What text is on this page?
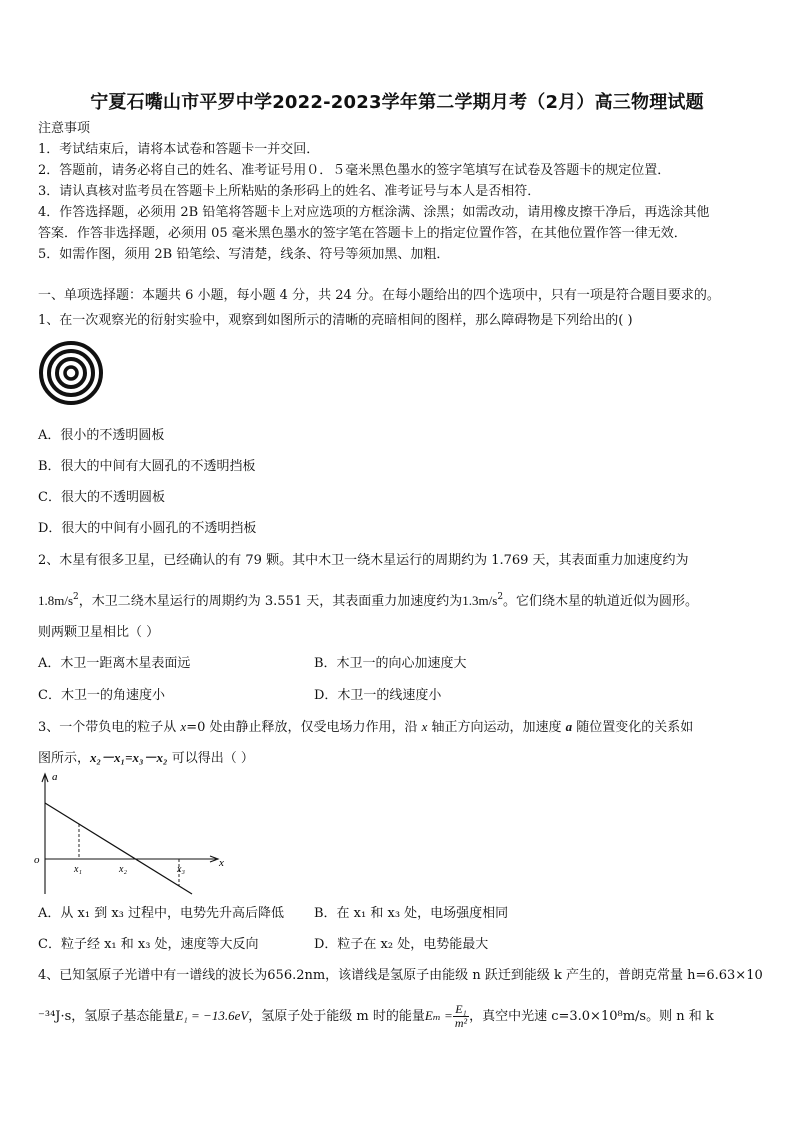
宁夏石嘴山市平罗中学2022-2023学年第二学期月考（2月）高三物理试题
注意事项
1．考试结束后，请将本试卷和答题卡一并交回．
2．答题前，请务必将自己的姓名、准考证号用０．５毫米黑色墨水的签字笔填写在试卷及答题卡的规定位置．
3．请认真核对监考员在答题卡上所粘贴的条形码上的姓名、准考证号与本人是否相符．
4．作答选择题，必须用 2B 铅笔将答题卡上对应选项的方框涂满、涂黑；如需改动，请用橡皮擦干净后，再选涂其他
答案．作答非选择题，必须用 05 毫米黑色墨水的签字笔在答题卡上的指定位置作答，在其他位置作答一律无效．
5．如需作图，须用 2B 铅笔绘、写清楚，线条、符号等须加黑、加粗．
一、单项选择题：本题共 6 小题，每小题 4 分，共 24 分。在每小题给出的四个选项中，只有一项是符合题目要求的。
1、在一次观察光的衍射实验中，观察到如图所示的清晰的亮暗相间的图样，那么障碍物是下列给出的( )
A．很小的不透明圆板
B．很大的中间有大圆孔的不透明挡板
C．很大的不透明圆板
D．很大的中间有小圆孔的不透明挡板
2、木星有很多卫星，已经确认的有 79 颗。其中木卫一绕木星运行的周期约为 1.769 天，其表面重力加速度约为
$1.8m/s^2$，木卫二绕木星运行的周期约为 3.551 天，其表面重力加速度约为$1.3m/s^2$。它们绕木星的轨道近似为圆形。
则两颗卫星相比（ ）
A．木卫一距离木星表面远	B．木卫一的向心加速度大
C．木卫一的角速度小	D．木卫一的线速度小
3、一个带负电的粒子从 x=0 处由静止释放，仅受电场力作用，沿 x 轴正方向运动，加速度 a 随位置变化的关系如
图所示，x₂－x₁=x₃－x₂ 可以得出（ ）
a
o	x
x₁	x₂	x₃
A．从 x₁ 到 x₃ 过程中，电势先升高后降低 B．在 x₁ 和 x₃ 处，电场强度相同
C．粒子经 x₁ 和 x₃ 处，速度等大反向	D．粒子在 x₂ 处，电势能最大
4、已知氢原子光谱中有一谱线的波长为656.2nm，该谱线是氢原子由能级 n 跃迁到能级 k 产生的，普朗克常量 h=6.63×10
⁻³⁴J·s，氢原子基态能量E₁ = −13.6eV，氢原子处于能级 m 时的能量$E_m = \frac{\text{E₁}}{\text{m²}}$ ，真空中光速 c=3.0×10⁸m/s。则 n 和 k
